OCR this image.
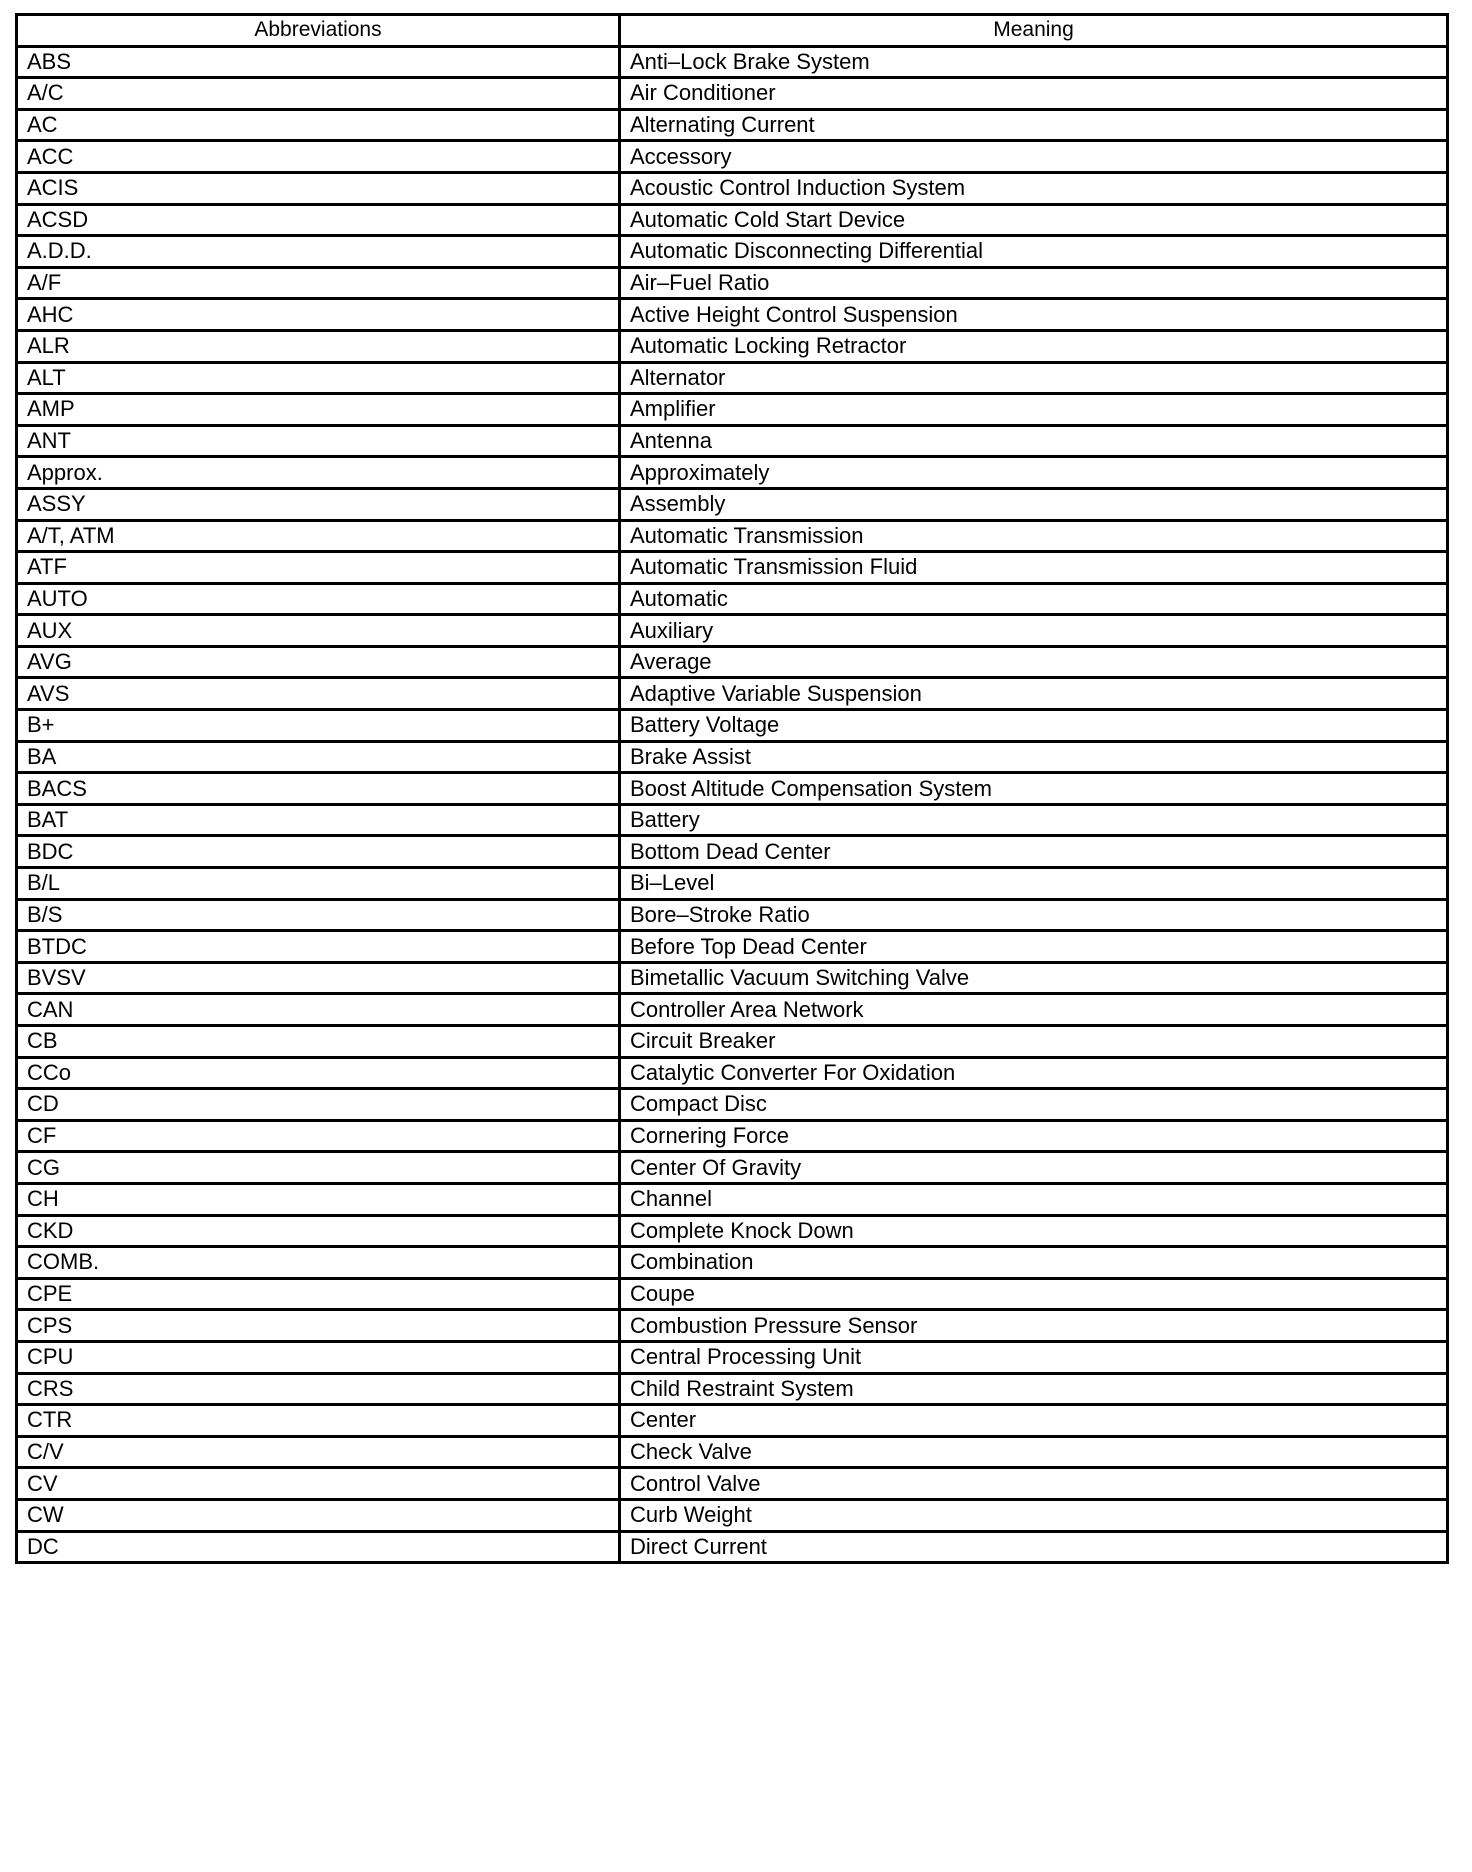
Abbreviations	Meaning
ABS	Anti–Lock Brake System
A/C	Air Conditioner
AC	Alternating Current
ACC	Accessory
ACIS	Acoustic Control Induction System
ACSD	Automatic Cold Start Device
A.D.D.	Automatic Disconnecting Differential
A/F	Air–Fuel Ratio
AHC	Active Height Control Suspension
ALR	Automatic Locking Retractor
ALT	Alternator
AMP	Amplifier
ANT	Antenna
Approx.	Approximately
ASSY	Assembly
A/T, ATM	Automatic Transmission
ATF	Automatic Transmission Fluid
AUTO	Automatic
AUX	Auxiliary
AVG	Average
AVS	Adaptive Variable Suspension
B+	Battery Voltage
BA	Brake Assist
BACS	Boost Altitude Compensation System
BAT	Battery
BDC	Bottom Dead Center
B/L	Bi–Level
B/S	Bore–Stroke Ratio
BTDC	Before Top Dead Center
BVSV	Bimetallic Vacuum Switching Valve
CAN	Controller Area Network
CB	Circuit Breaker
CCo	Catalytic Converter For Oxidation
CD	Compact Disc
CF	Cornering Force
CG	Center Of Gravity
CH	Channel
CKD	Complete Knock Down
COMB.	Combination
CPE	Coupe
CPS	Combustion Pressure Sensor
CPU	Central Processing Unit
CRS	Child Restraint System
CTR	Center
C/V	Check Valve
CV	Control Valve
CW	Curb Weight
DC	Direct Current
